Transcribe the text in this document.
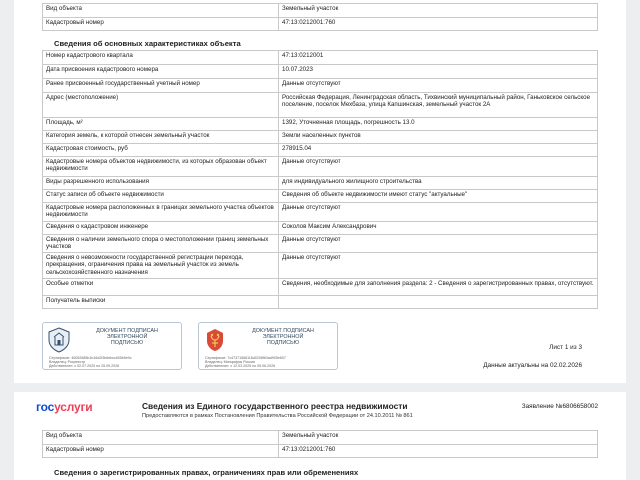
Вид объекта	Земельный участок
Кадастровый номер	47:13:0212001:760
Сведения об основных характеристиках объекта
Номер кадастрового квартала	47:13:0212001
Дата присвоения кадастрового номера	10.07.2023
Ранее присвоенный государственный учетный номер	Данные отсутствуют
Адрес (местоположение)	Российская Федерация, Ленинградская область, Тихвинский муниципальный район, Ганьковское сельское поселение, поселок Мехбаза, улица Капшинская, земельный участок 2А
Площадь, м²	1392, Уточненная площадь, погрешность 13.0
Категория земель, к которой отнесен земельный участок	Земли населенных пунктов
Кадастровая стоимость, руб	278915.04
Кадастровые номера объектов недвижимости, из которых образован объект недвижимости	Данные отсутствуют
Виды разрешенного использования	для индивидуального жилищного строительства
Статус записи об объекте недвижимости	Сведения об объекте недвижимости имеют статус "актуальные"
Кадастровые номера расположенных в границах земельного участка объектов недвижимости	Данные отсутствуют
Сведения о кадастровом инженере	Соколов Максим Александрович
Сведения о наличии земельного спора о местоположении границ земельных участков	Данные отсутствуют
Сведения о невозможности государственной регистрации перехода, прекращения, ограничения права на земельный участок из земель сельскохозяйственного назначения	Данные отсутствуют
Особые отметки	Сведения, необходимые для заполнения раздела: 2 - Сведения о зарегистрированных правах, отсутствуют.
Получатель выписки	
ДОКУМЕНТ ПОДПИСАН
ЭЛЕКТРОННОЙ
ПОДПИСЬЮ
Сертификат: 46052685b1b16d2f3b6ebcc605b5e0c
Владелец: Росреестр
Действителен: с 02.07.2025 по 25.09.2026
ДОКУМЕНТ ПОДПИСАН
ЭЛЕКТРОННОЙ
ПОДПИСЬЮ
Сертификат: 7c47371568116d0208f63ad905e607
Владелец: Минцифры России
Действителен: с 12.03.2025 по 05.06.2026
Лист 1 из 3
Данные актуальны на 02.02.2026
госуслуги	Сведения из Единого государственного реестра недвижимости
Предоставляются в рамках Постановления Правительства Российской Федерации от 24.10.2011 № 861
Заявление №6806658002
Вид объекта	Земельный участок
Кадастровый номер	47:13:0212001:760
Сведения о зарегистрированных правах, ограничениях прав или обременениях
